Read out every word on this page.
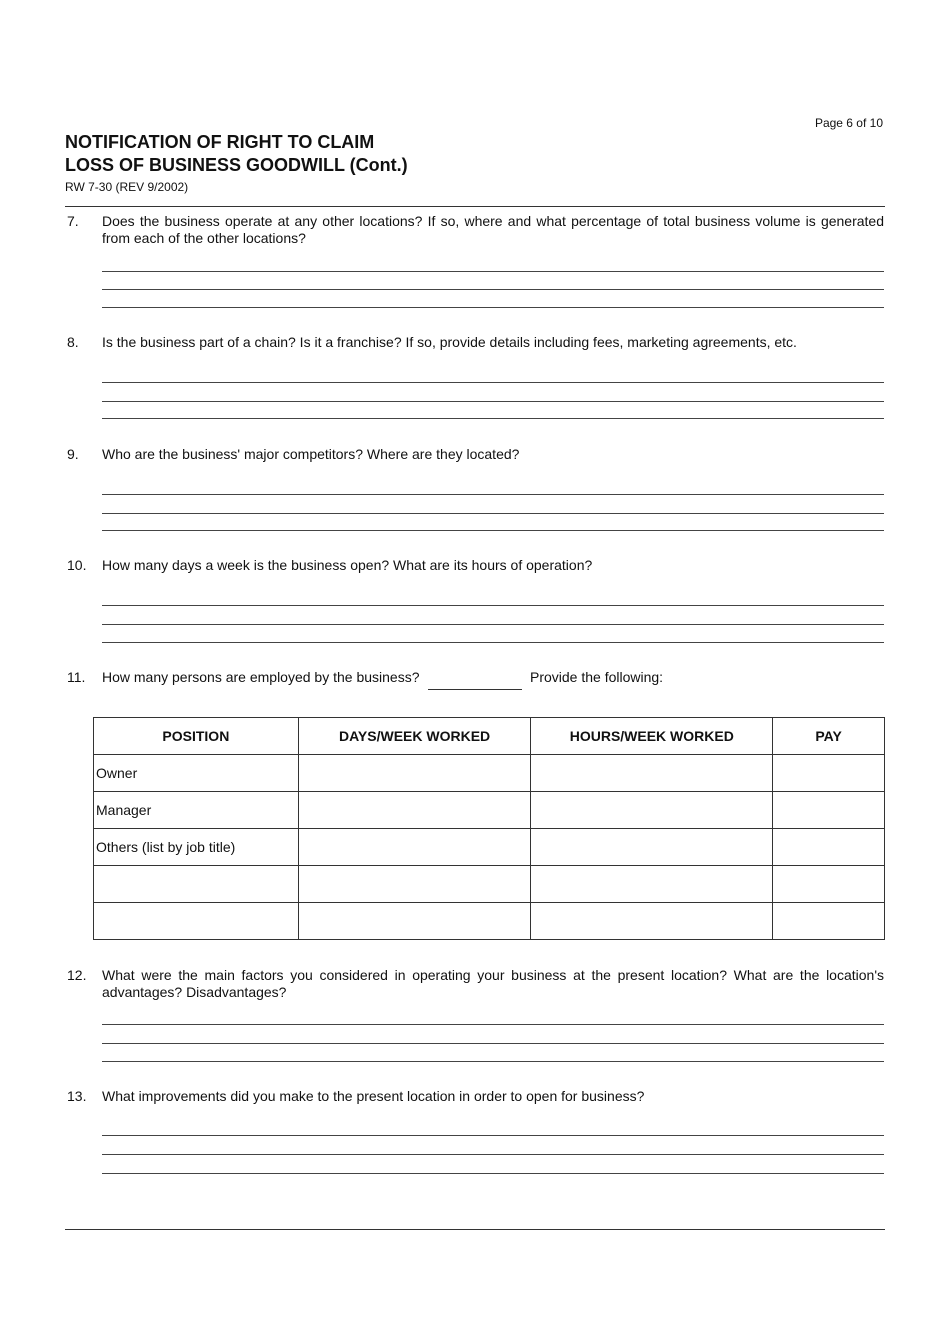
Page 6 of 10
NOTIFICATION OF RIGHT TO CLAIM
LOSS OF BUSINESS GOODWILL (Cont.)
RW 7-30 (REV 9/2002)
7. Does the business operate at any other locations? If so, where and what percentage of total business volume is generated from each of the other locations?
8. Is the business part of a chain? Is it a franchise? If so, provide details including fees, marketing agreements, etc.
9. Who are the business' major competitors? Where are they located?
10. How many days a week is the business open? What are its hours of operation?
11. How many persons are employed by the business?	Provide the following:
POSITION	DAYS/WEEK WORKED	HOURS/WEEK WORKED	PAY
Owner			
Manager			
Others (list by job title)			

12. What were the main factors you considered in operating your business at the present location? What are the location's advantages? Disadvantages?
13. What improvements did you make to the present location in order to open for business?
